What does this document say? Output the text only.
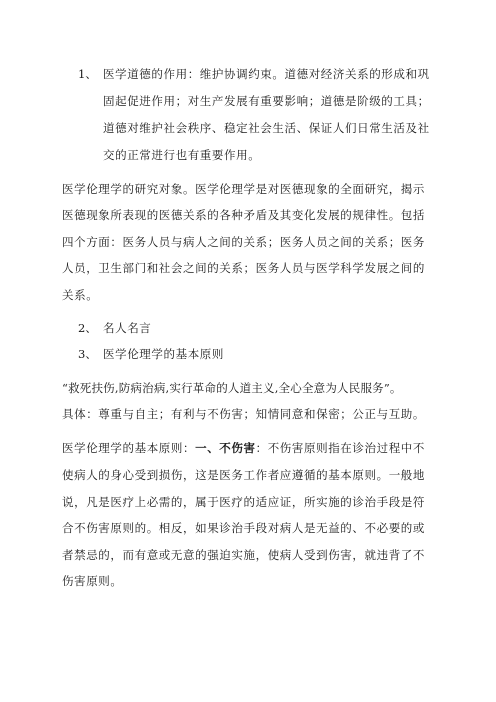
1、 医学道德的作用：维护协调约束。道德对经济关系的形成和巩
固起促进作用；对生产发展有重要影响；道德是阶级的工具；
道德对维护社会秩序、稳定社会生活、保证人们日常生活及社
交的正常进行也有重要作用。
医学伦理学的研究对象。医学伦理学是对医德现象的全面研究，揭示
医德现象所表现的医德关系的各种矛盾及其变化发展的规律性。包括
四个方面：医务人员与病人之间的关系；医务人员之间的关系；医务
人员，卫生部门和社会之间的关系；医务人员与医学科学发展之间的
关系。
2、 名人名言
3、 医学伦理学的基本原则
“救死扶伤,防病治病,实行革命的人道主义,全心全意为人民服务”。
具体：尊重与自主；有利与不伤害；知情同意和保密；公正与互助。
医学伦理学的基本原则：一、不伤害：不伤害原则指在诊治过程中不
使病人的身心受到损伤，这是医务工作者应遵循的基本原则。一般地
说，凡是医疗上必需的，属于医疗的适应证，所实施的诊治手段是符
合不伤害原则的。相反，如果诊治手段对病人是无益的、不必要的或
者禁忌的，而有意或无意的强迫实施，使病人受到伤害，就违背了不
伤害原则。
